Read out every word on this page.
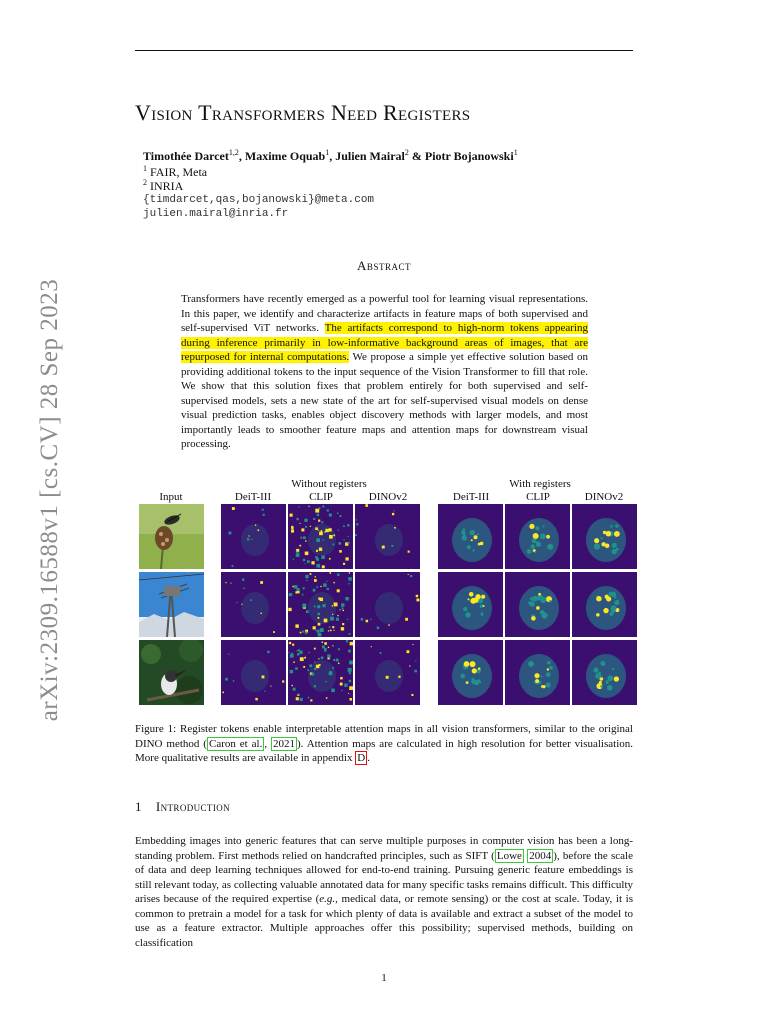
arXiv:2309.16588v1 [cs.CV] 28 Sep 2023
Vision Transformers Need Registers
Timothée Darcet$^{1,2}$, Maxime Oquab$^1$, Julien Mairal$^2$ & Piotr Bojanowski$^1$
$^1$ FAIR, Meta
$^2$ INRIA
{timdarcet,qas,bojanowski}@meta.com
julien.mairal@inria.fr
Abstract
Transformers have recently emerged as a powerful tool for learning visual representations. In this paper, we identify and characterize artifacts in feature maps of both supervised and self-supervised ViT networks. The artifacts correspond to high-norm tokens appearing during inference primarily in low-informative background areas of images, that are repurposed for internal computations. We propose a simple yet effective solution based on providing additional tokens to the input sequence of the Vision Transformer to fill that role. We show that this solution fixes that problem entirely for both supervised and self-supervised models, sets a new state of the art for self-supervised visual models on dense visual prediction tasks, enables object discovery methods with larger models, and most importantly leads to smoother feature maps and attention maps for downstream visual processing.
Without registers	With registers
Input	DeiT-III	CLIP	DINOv2	DeiT-III	CLIP	DINOv2
Figure 1: Register tokens enable interpretable attention maps in all vision transformers, similar to the original DINO method ( Caron et al. , 2021 ). Attention maps are calculated in high resolution for better visualisation. More qualitative results are available in appendix D .
1 Introduction
Embedding images into generic features that can serve multiple purposes in computer vision has been a long-standing problem. First methods relied on handcrafted principles, such as SIFT ( Lowe 2004 ), before the scale of data and deep learning techniques allowed for end-to-end training. Pursuing generic feature embeddings is still relevant today, as collecting valuable annotated data for many specific tasks remains difficult. This difficulty arises because of the required expertise (e.g., medical data, or remote sensing) or the cost at scale. Today, it is common to pretrain a model for a task for which plenty of data is available and extract a subset of the model to use as a feature extractor. Multiple approaches offer this possibility; supervised methods, building on classification
1
